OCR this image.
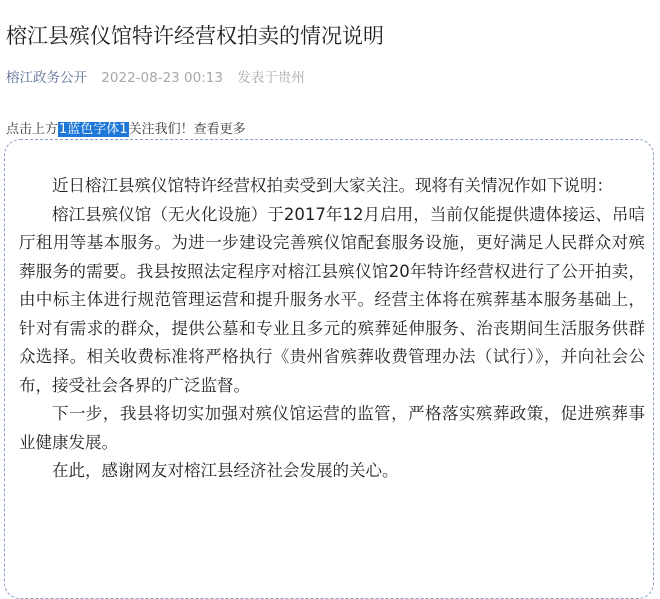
榕江县殡仪馆特许经营权拍卖的情况说明
榕江政务公开 2022-08-23 00:13 发表于贵州
点击上方1蓝色字体1关注我们！查看更多

近日榕江县殡仪馆特许经营权拍卖受到大家关注。现将有关情况作如下说明：

榕江县殡仪馆（无火化设施）于2017年12月启用，当前仅能提供遗体接运、吊唁厅租用等基本服务。为进一步建设完善殡仪馆配套服务设施，更好满足人民群众对殡葬服务的需要。我县按照法定程序对榕江县殡仪馆20年特许经营权进行了公开拍卖，由中标主体进行规范管理运营和提升服务水平。经营主体将在殡葬基本服务基础上，针对有需求的群众，提供公墓和专业且多元的殡葬延伸服务、治丧期间生活服务供群众选择。相关收费标准将严格执行《贵州省殡葬收费管理办法（试行）》，并向社会公布，接受社会各界的广泛监督。

下一步，我县将切实加强对殡仪馆运营的监管，严格落实殡葬政策，促进殡葬事业健康发展。

在此，感谢网友对榕江县经济社会发展的关心。
